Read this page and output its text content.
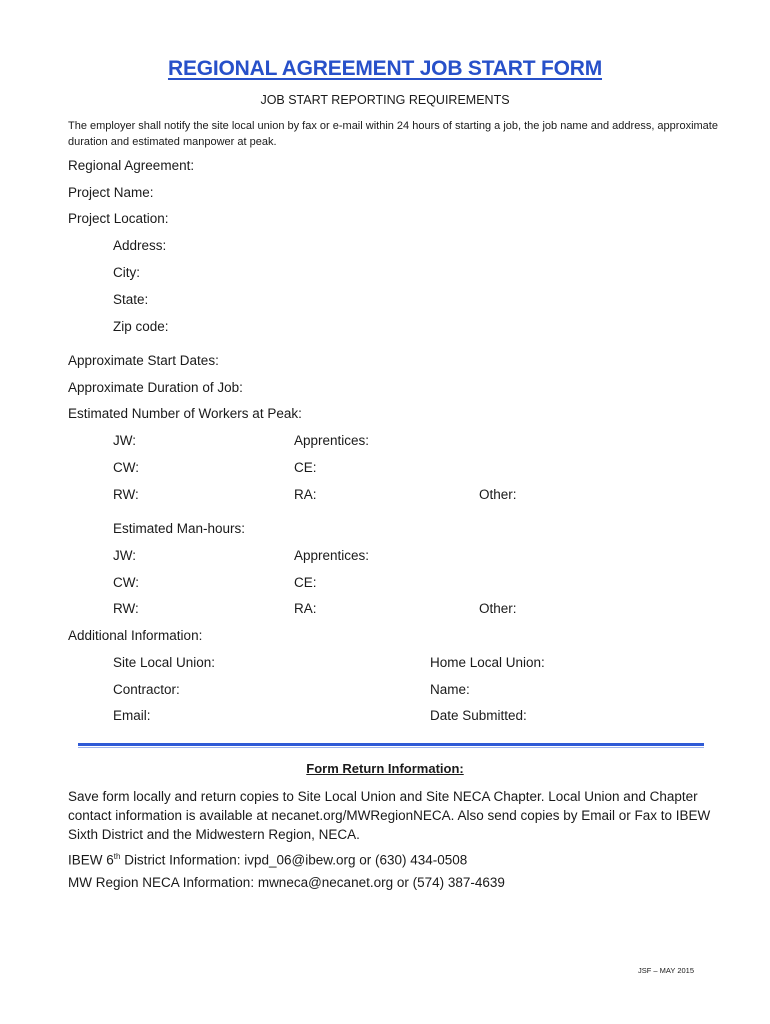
REGIONAL AGREEMENT JOB START FORM
JOB START REPORTING REQUIREMENTS
The employer shall notify the site local union by fax or e-mail within 24 hours of starting a job, the job name and address, approximate duration and estimated manpower at peak.
Regional Agreement:
Project Name:
Project Location:
Address:
City:
State:
Zip code:
Approximate Start Dates:
Approximate Duration of Job:
Estimated Number of Workers at Peak:
JW:	Apprentices:
CW:	CE:
RW:	RA:	Other:
Estimated Man-hours:
JW:	Apprentices:
CW:	CE:
RW:	RA:	Other:
Additional Information:
Site Local Union:	Home Local Union:
Contractor:	Name:
Email:	Date Submitted:
Form Return Information:
Save form locally and return copies to Site Local Union and Site NECA Chapter. Local Union and Chapter contact information is available at necanet.org/MWRegionNECA. Also send copies by Email or Fax to IBEW Sixth District and the Midwestern Region, NECA.
IBEW 6th District Information: ivpd_06@ibew.org or (630) 434-0508
MW Region NECA Information: mwneca@necanet.org or (574) 387-4639
JSF – MAY 2015
